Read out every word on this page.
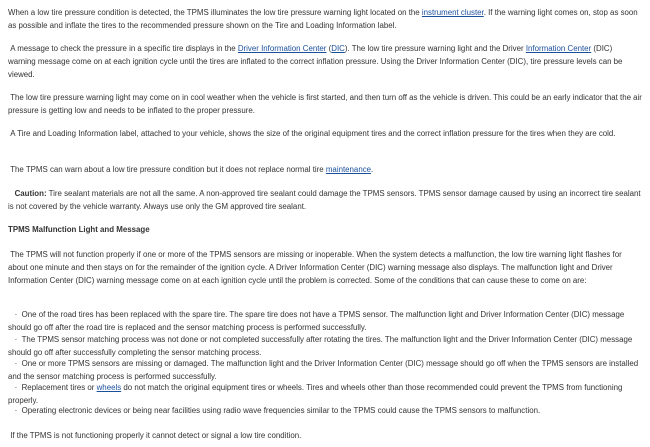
When a low tire pressure condition is detected, the TPMS illuminates the low tire pressure warning light located on the instrument cluster. If the warning light comes on, stop as soon as possible and inflate the tires to the recommended pressure shown on the Tire and Loading Information label.

A message to check the pressure in a specific tire displays in the Driver Information Center (DIC). The low tire pressure warning light and the Driver Information Center (DIC) warning message come on at each ignition cycle until the tires are inflated to the correct inflation pressure. Using the Driver Information Center (DIC), tire pressure levels can be viewed.

The low tire pressure warning light may come on in cool weather when the vehicle is first started, and then turn off as the vehicle is driven. This could be an early indicator that the air pressure is getting low and needs to be inflated to the proper pressure.

A Tire and Loading Information label, attached to your vehicle, shows the size of the original equipment tires and the correct inflation pressure for the tires when they are cold.

The TPMS can warn about a low tire pressure condition but it does not replace normal tire maintenance.

Caution: Tire sealant materials are not all the same. A non-approved tire sealant could damage the TPMS sensors. TPMS sensor damage caused by using an incorrect tire sealant is not covered by the vehicle warranty. Always use only the GM approved tire sealant.

TPMS Malfunction Light and Message

The TPMS will not function properly if one or more of the TPMS sensors are missing or inoperable. When the system detects a malfunction, the low tire warning light flashes for about one minute and then stays on for the remainder of the ignition cycle. A Driver Information Center (DIC) warning message also displays. The malfunction light and Driver Information Center (DIC) warning message come on at each ignition cycle until the problem is corrected. Some of the conditions that can cause these to come on are:

· One of the road tires has been replaced with the spare tire. The spare tire does not have a TPMS sensor. The malfunction light and Driver Information Center (DIC) message should go off after the road tire is replaced and the sensor matching process is performed successfully.

· The TPMS sensor matching process was not done or not completed successfully after rotating the tires. The malfunction light and the Driver Information Center (DIC) message should go off after successfully completing the sensor matching process.

· One or more TPMS sensors are missing or damaged. The malfunction light and the Driver Information Center (DIC) message should go off when the TPMS sensors are installed and the sensor matching process is performed successfully.

· Replacement tires or wheels do not match the original equipment tires or wheels. Tires and wheels other than those recommended could prevent the TPMS from functioning properly.

· Operating electronic devices or being near facilities using radio wave frequencies similar to the TPMS could cause the TPMS sensors to malfunction.

If the TPMS is not functioning properly it cannot detect or signal a low tire condition.
